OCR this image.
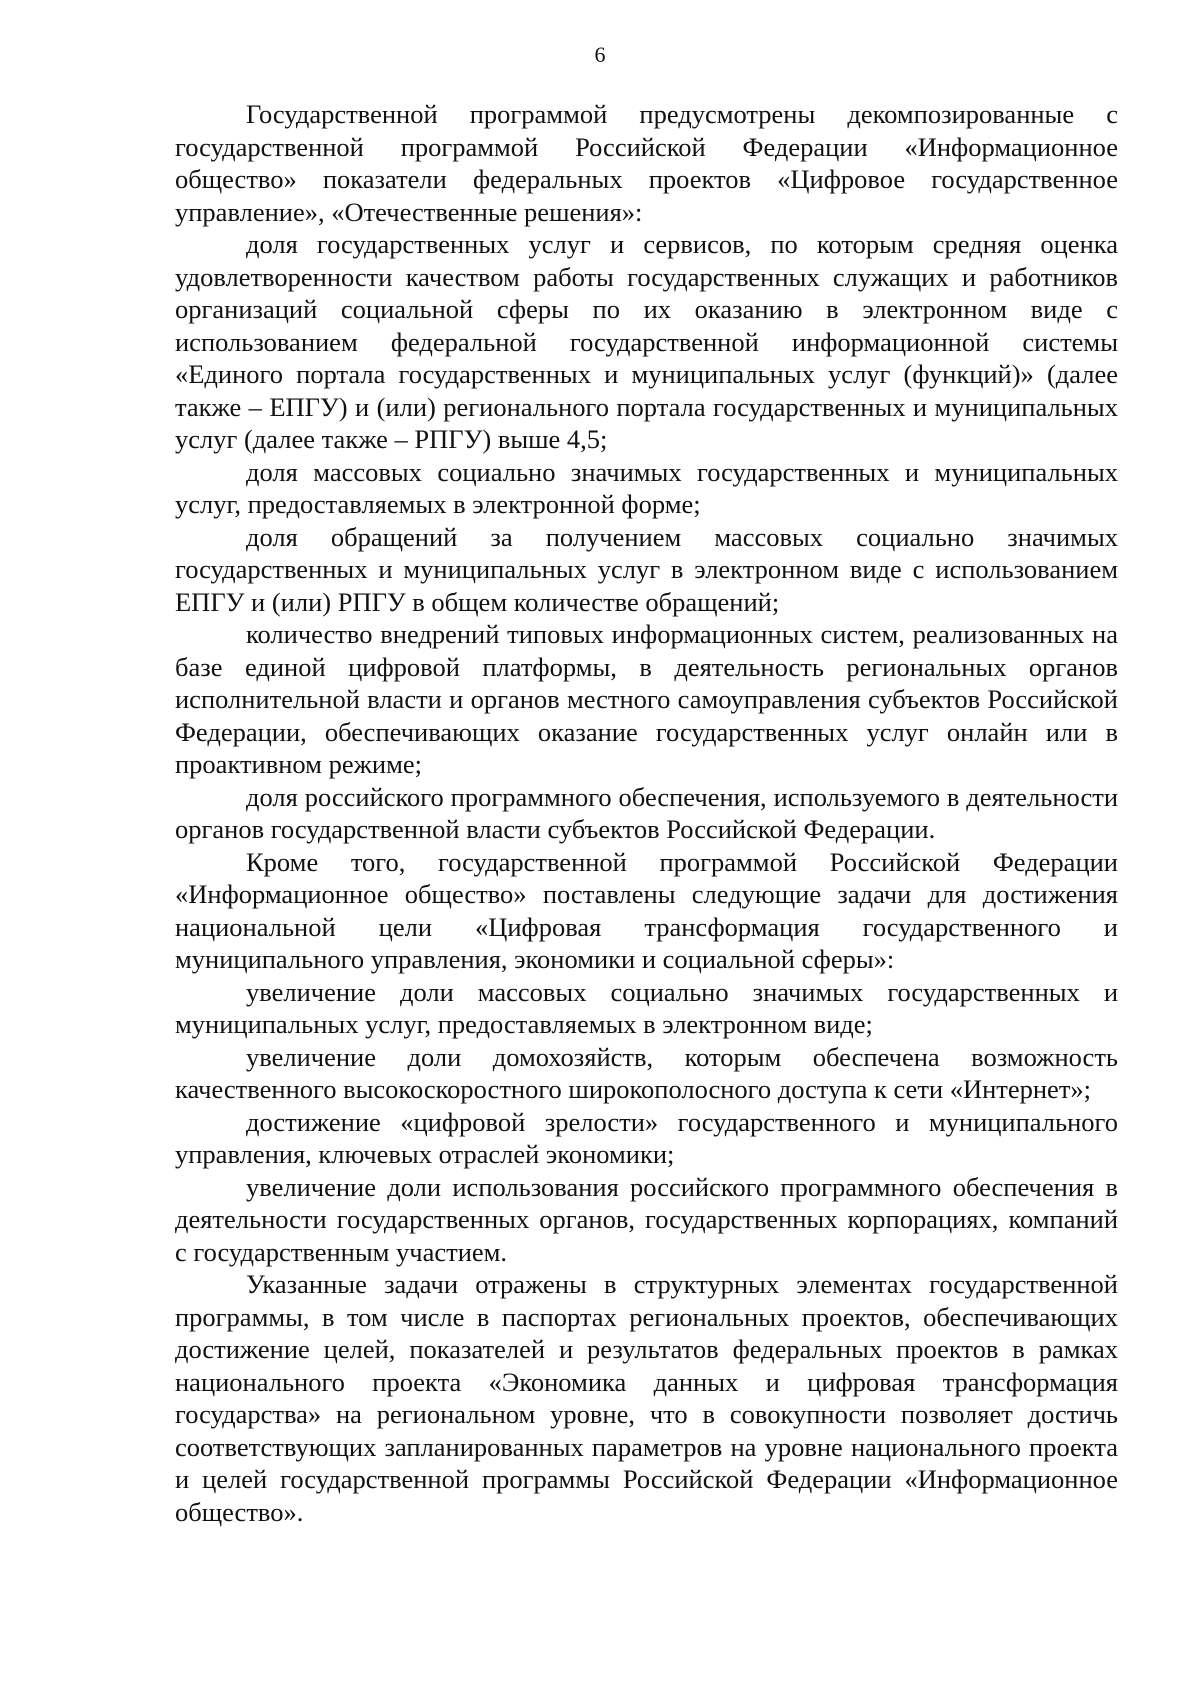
6

Государственной программой предусмотрены декомпозированные с государственной программой Российской Федерации «Информационное общество» показатели федеральных проектов «Цифровое государственное управление», «Отечественные решения»:

доля государственных услуг и сервисов, по которым средняя оценка удовлетворенности качеством работы государственных служащих и работников организаций социальной сферы по их оказанию в электронном виде с использованием федеральной государственной информационной системы «Единого портала государственных и муниципальных услуг (функций)» (далее также – ЕПГУ) и (или) регионального портала государственных и муниципальных услуг (далее также – РПГУ) выше 4,5;

доля массовых социально значимых государственных и муниципальных услуг, предоставляемых в электронной форме;

доля обращений за получением массовых социально значимых государственных и муниципальных услуг в электронном виде с использованием ЕПГУ и (или) РПГУ в общем количестве обращений;

количество внедрений типовых информационных систем, реализованных на базе единой цифровой платформы, в деятельность региональных органов исполнительной власти и органов местного самоуправления субъектов Российской Федерации, обеспечивающих оказание государственных услуг онлайн или в проактивном режиме;

доля российского программного обеспечения, используемого в деятельности органов государственной власти субъектов Российской Федерации.

Кроме того, государственной программой Российской Федерации «Информационное общество» поставлены следующие задачи для достижения национальной цели «Цифровая трансформация государственного и муниципального управления, экономики и социальной сферы»:

увеличение доли массовых социально значимых государственных и муниципальных услуг, предоставляемых в электронном виде;

увеличение доли домохозяйств, которым обеспечена возможность качественного высокоскоростного широкополосного доступа к сети «Интернет»;

достижение «цифровой зрелости» государственного и муниципального управления, ключевых отраслей экономики;

увеличение доли использования российского программного обеспечения в деятельности государственных органов, государственных корпорациях, компаний с государственным участием.

Указанные задачи отражены в структурных элементах государственной программы, в том числе в паспортах региональных проектов, обеспечивающих достижение целей, показателей и результатов федеральных проектов в рамках национального проекта «Экономика данных и цифровая трансформация государства» на региональном уровне, что в совокупности позволяет достичь соответствующих запланированных параметров на уровне национального проекта и целей государственной программы Российской Федерации «Информационное общество».
